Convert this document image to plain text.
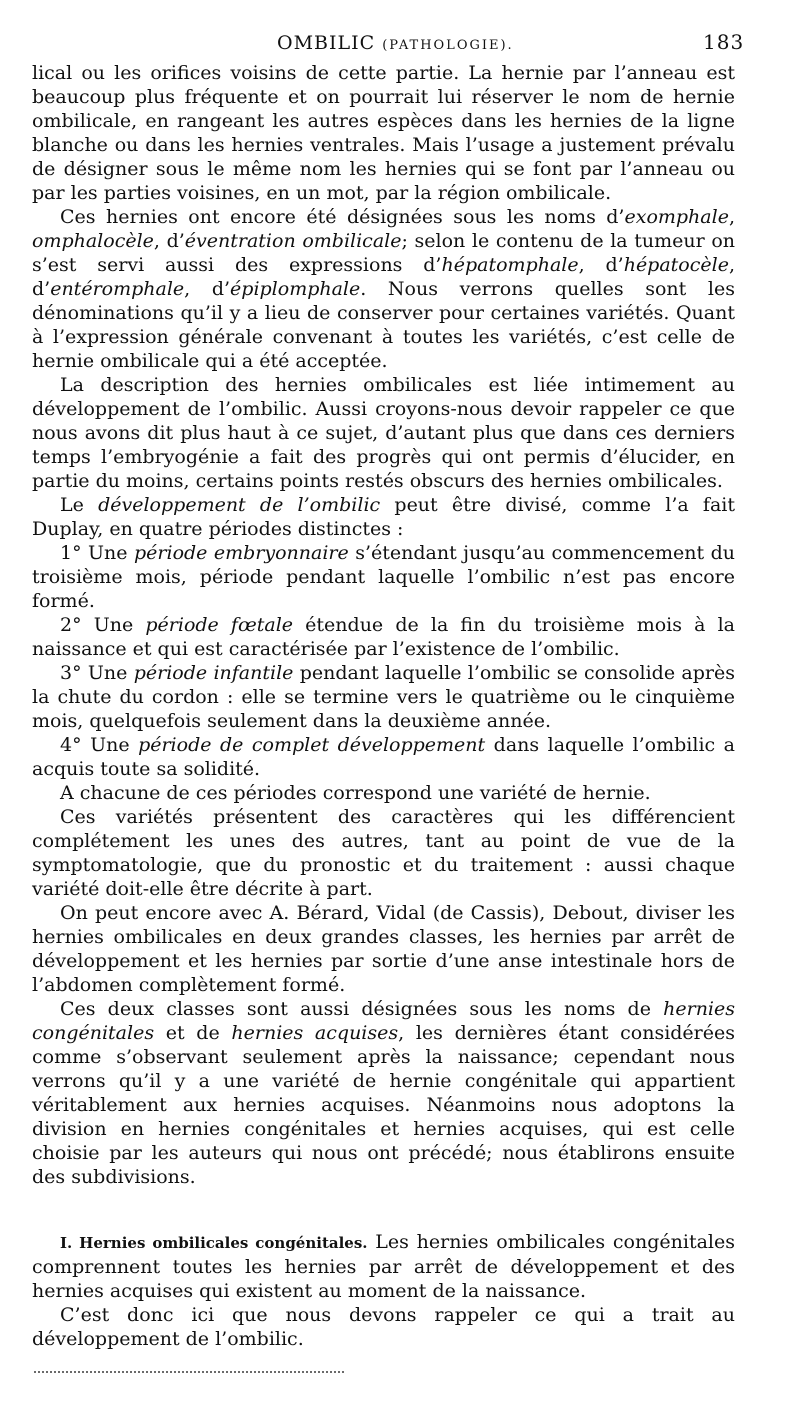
OMBILIC (PATHOLOGIE).	183

lical ou les orifices voisins de cette partie. La hernie par l’anneau est beaucoup plus fréquente et on pourrait lui réserver le nom de hernie ombilicale, en rangeant les autres espèces dans les hernies de la ligne blanche ou dans les hernies ventrales. Mais l’usage a justement prévalu de désigner sous le même nom les hernies qui se font par l’anneau ou par les parties voisines, en un mot, par la région ombilicale.

Ces hernies ont encore été désignées sous les noms d’exomphale, omphalocèle, d’éventration ombilicale; selon le contenu de la tumeur on s’est servi aussi des expressions d’hépatomphale, d’hépatocèle, d’entéromphale, d’épiplomphale. Nous verrons quelles sont les dénominations qu’il y a lieu de conserver pour certaines variétés. Quant à l’expression générale convenant à toutes les variétés, c’est celle de hernie ombilicale qui a été acceptée.

La description des hernies ombilicales est liée intimement au développement de l’ombilic. Aussi croyons-nous devoir rappeler ce que nous avons dit plus haut à ce sujet, d’autant plus que dans ces derniers temps l’embryogénie a fait des progrès qui ont permis d’élucider, en partie du moins, certains points restés obscurs des hernies ombilicales.

Le développement de l’ombilic peut être divisé, comme l’a fait Duplay, en quatre périodes distinctes :

1° Une période embryonnaire s’étendant jusqu’au commencement du troisième mois, période pendant laquelle l’ombilic n’est pas encore formé.

2° Une période fœtale étendue de la fin du troisième mois à la naissance et qui est caractérisée par l’existence de l’ombilic.

3° Une période infantile pendant laquelle l’ombilic se consolide après la chute du cordon : elle se termine vers le quatrième ou le cinquième mois, quelquefois seulement dans la deuxième année.

4° Une période de complet développement dans laquelle l’ombilic a acquis toute sa solidité.

A chacune de ces périodes correspond une variété de hernie.

Ces variétés présentent des caractères qui les différencient complétement les unes des autres, tant au point de vue de la symptomatologie, que du pronostic et du traitement : aussi chaque variété doit-elle être décrite à part.

On peut encore avec A. Bérard, Vidal (de Cassis), Debout, diviser les hernies ombilicales en deux grandes classes, les hernies par arrêt de développement et les hernies par sortie d’une anse intestinale hors de l’abdomen complètement formé.

Ces deux classes sont aussi désignées sous les noms de hernies congénitales et de hernies acquises, les dernières étant considérées comme s’observant seulement après la naissance; cependant nous verrons qu’il y a une variété de hernie congénitale qui appartient véritablement aux hernies acquises. Néanmoins nous adoptons la division en hernies congénitales et hernies acquises, qui est celle choisie par les auteurs qui nous ont précédé; nous établirons ensuite des subdivisions.

I. Hernies ombilicales congénitales. Les hernies ombilicales congénitales comprennent toutes les hernies par arrêt de développement et des hernies acquises qui existent au moment de la naissance.

C’est donc ici que nous devons rappeler ce qui a trait au développement de l’ombilic.
